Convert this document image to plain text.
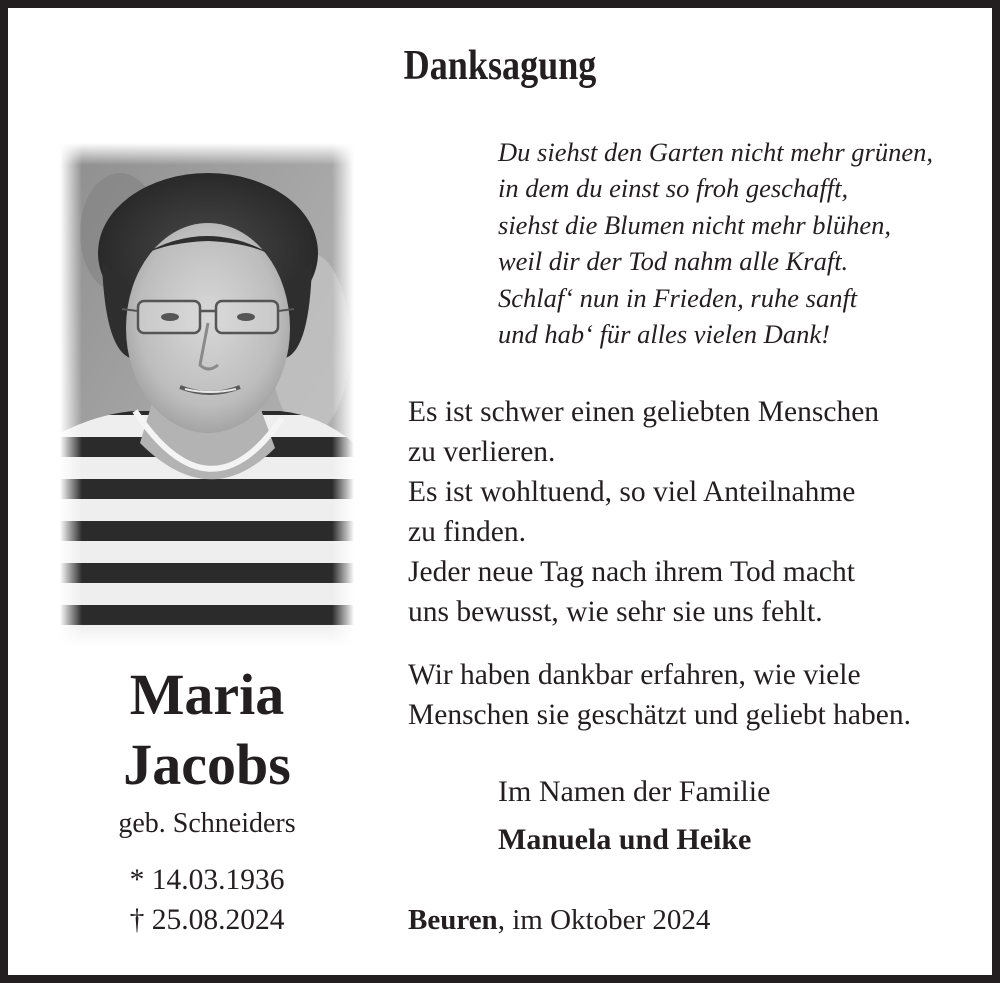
Danksagung
Maria
Jacobs
geb. Schneiders
* 14.03.1936
† 25.08.2024
Du siehst den Garten nicht mehr grünen,
in dem du einst so froh geschafft,
siehst die Blumen nicht mehr blühen,
weil dir der Tod nahm alle Kraft.
Schlaf‘ nun in Frieden, ruhe sanft
und hab‘ für alles vielen Dank!
Es ist schwer einen geliebten Menschen
zu verlieren.
Es ist wohltuend, so viel Anteilnahme
zu finden.
Jeder neue Tag nach ihrem Tod macht
uns bewusst, wie sehr sie uns fehlt.
Wir haben dankbar erfahren, wie viele
Menschen sie geschätzt und geliebt haben.
Im Namen der Familie
Manuela und Heike
Beuren, im Oktober 2024
